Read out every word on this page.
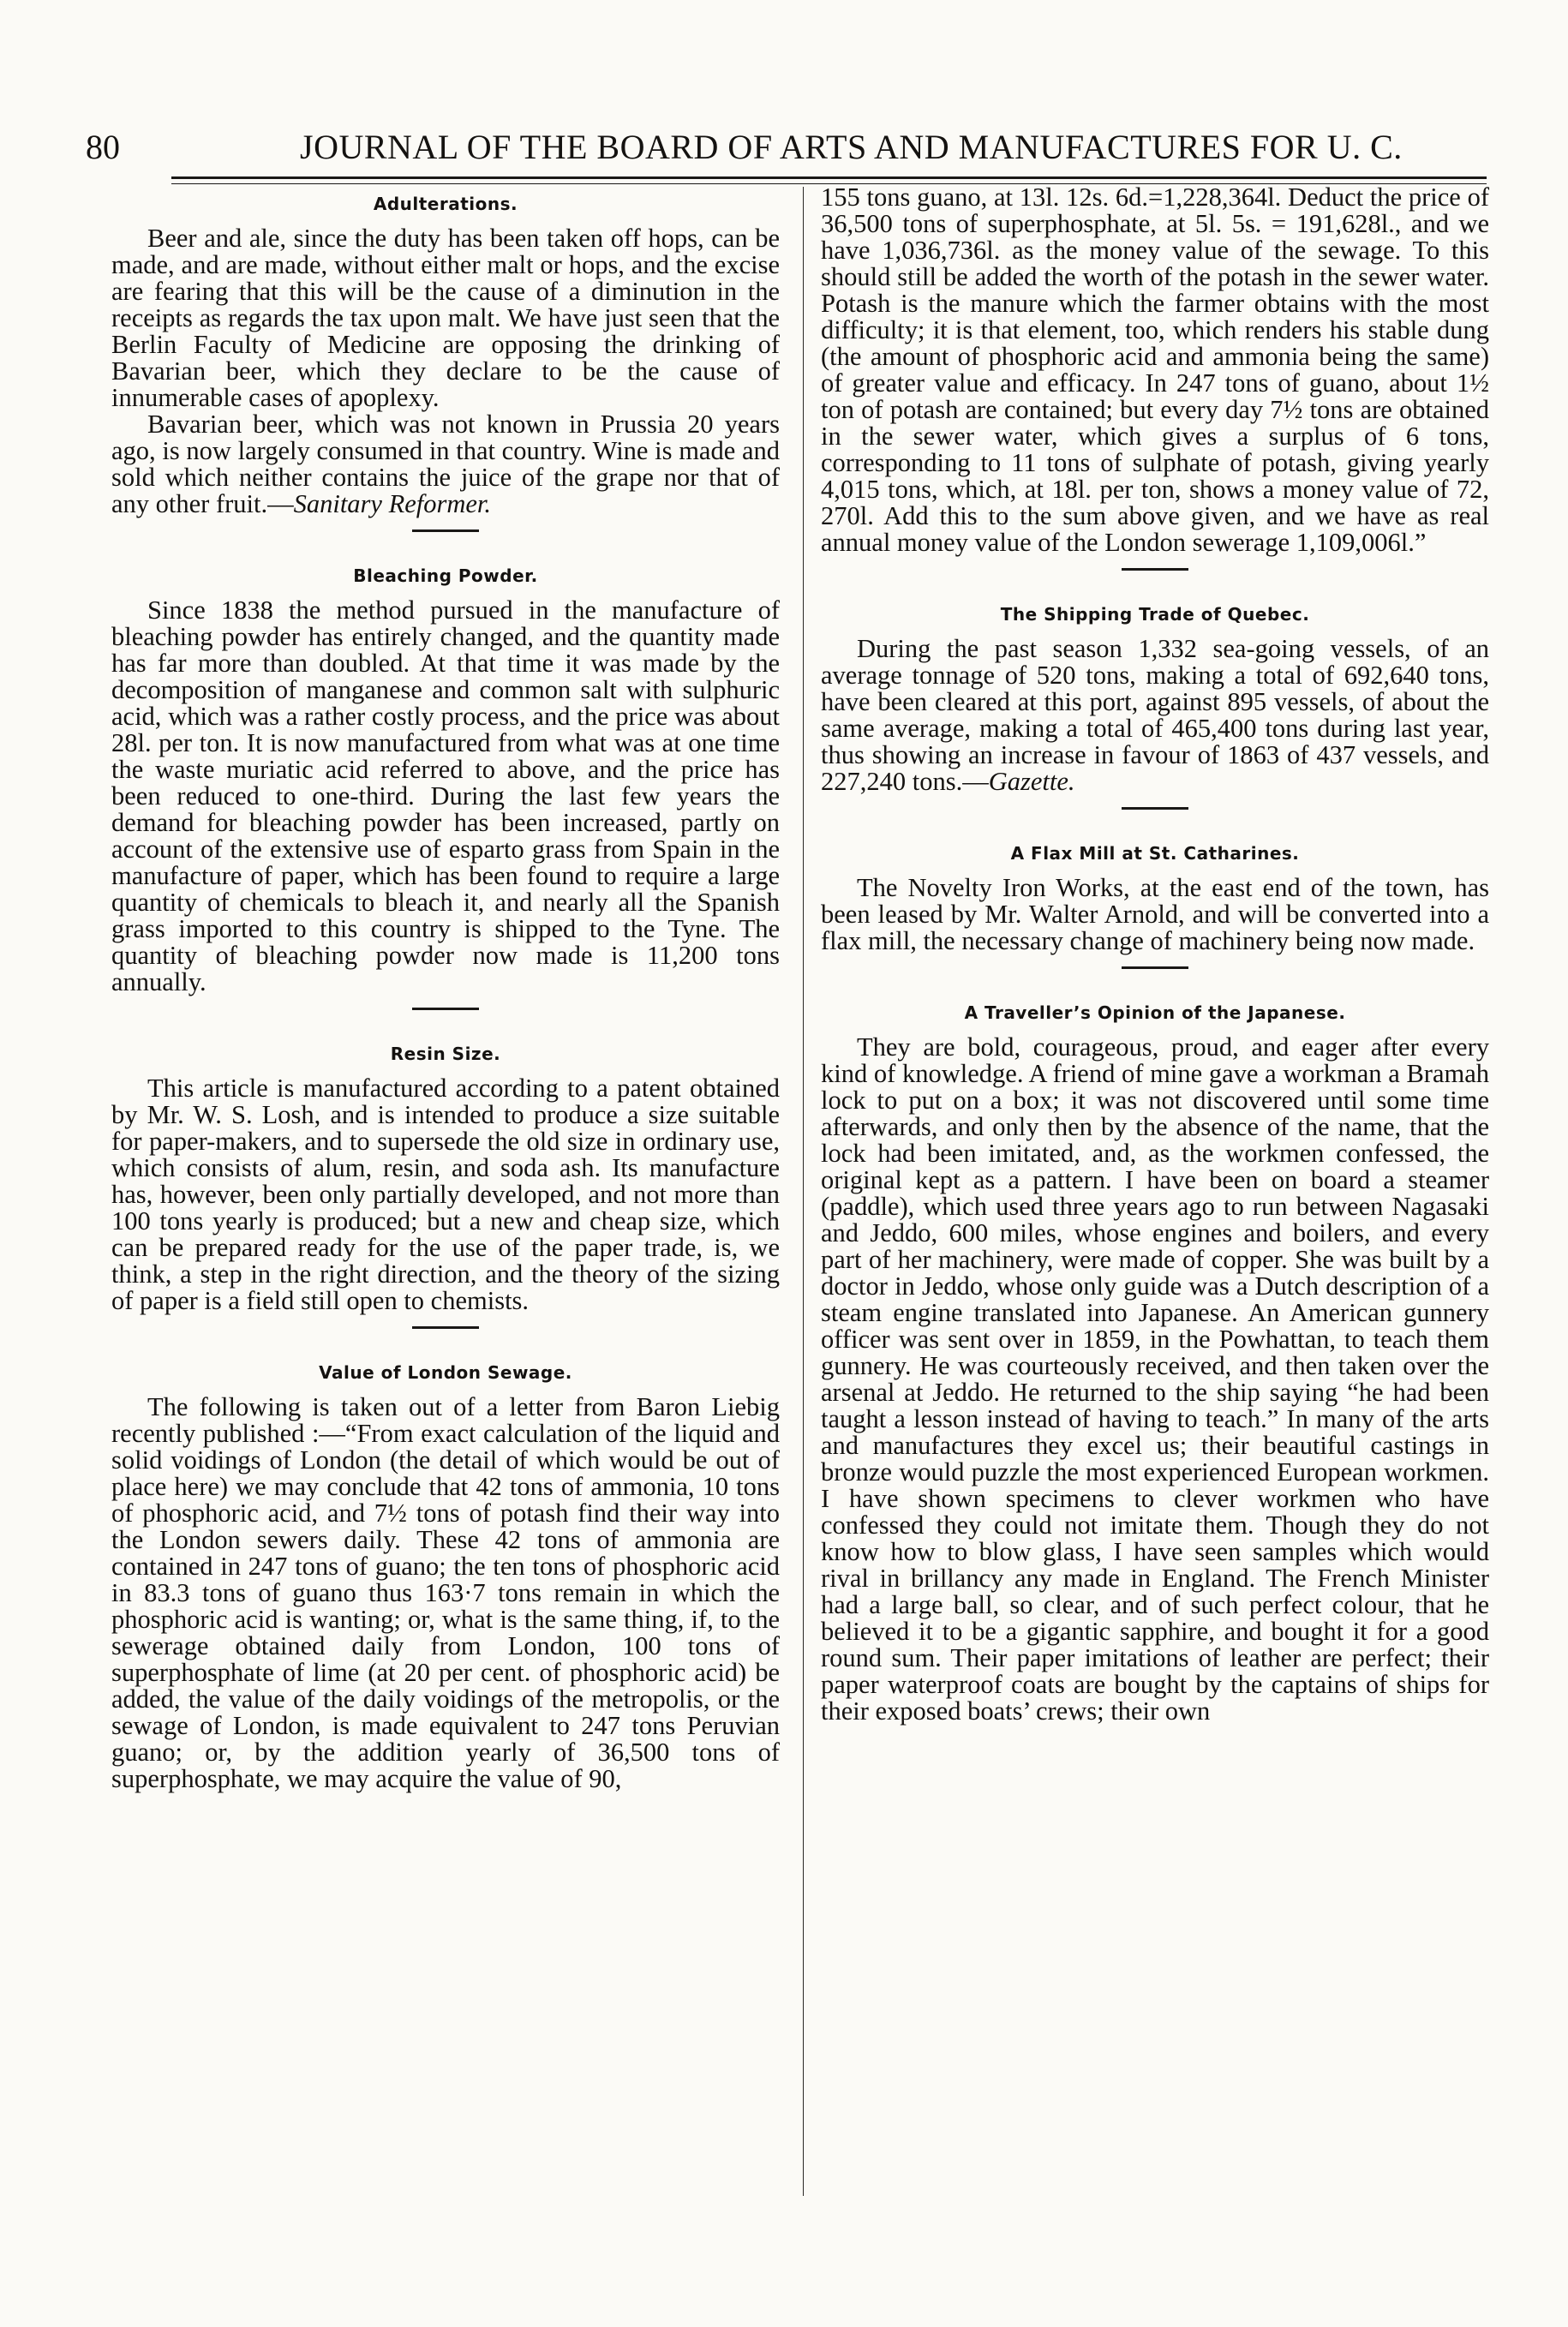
80	JOURNAL OF THE BOARD OF ARTS AND MANUFACTURES FOR U. C.
Adulterations.

Beer and ale, since the duty has been taken off hops, can be made, and are made, without either malt or hops, and the excise are fearing that this will be the cause of a diminution in the receipts as regards the tax upon malt. We have just seen that the Berlin Faculty of Medicine are opposing the drinking of Bavarian beer, which they declare to be the cause of innumerable cases of apoplexy.

Bavarian beer, which was not known in Prussia 20 years ago, is now largely consumed in that country. Wine is made and sold which neither contains the juice of the grape nor that of any other fruit.—Sanitary Reformer.

Bleaching Powder.

Since 1838 the method pursued in the manufacture of bleaching powder has entirely changed, and the quantity made has far more than doubled. At that time it was made by the decomposition of manganese and common salt with sulphuric acid, which was a rather costly process, and the price was about 28l. per ton. It is now manufactured from what was at one time the waste muriatic acid referred to above, and the price has been reduced to one-third. During the last few years the demand for bleaching powder has been increased, partly on account of the extensive use of esparto grass from Spain in the manufacture of paper, which has been found to require a large quantity of chemicals to bleach it, and nearly all the Spanish grass imported to this country is shipped to the Tyne. The quantity of bleaching powder now made is 11,200 tons annually.

Resin Size.

This article is manufactured according to a patent obtained by Mr. W. S. Losh, and is intended to produce a size suitable for paper-makers, and to supersede the old size in ordinary use, which consists of alum, resin, and soda ash. Its manufacture has, however, been only partially developed, and not more than 100 tons yearly is produced; but a new and cheap size, which can be prepared ready for the use of the paper trade, is, we think, a step in the right direction, and the theory of the sizing of paper is a field still open to chemists.

Value of London Sewage.

The following is taken out of a letter from Baron Liebig recently published :—“From exact calculation of the liquid and solid voidings of London (the detail of which would be out of place here) we may conclude that 42 tons of ammonia, 10 tons of phosphoric acid, and 7½ tons of potash find their way into the London sewers daily. These 42 tons of ammonia are contained in 247 tons of guano; the ten tons of phosphoric acid in 83.3 tons of guano thus 163·7 tons remain in which the phosphoric acid is wanting; or, what is the same thing, if, to the sewerage obtained daily from London, 100 tons of superphosphate of lime (at 20 per cent. of phosphoric acid) be added, the value of the daily voidings of the metropolis, or the sewage of London, is made equivalent to 247 tons Peruvian guano; or, by the addition yearly of 36,500 tons of superphosphate, we may acquire the value of 90,

155 tons guano, at 13l. 12s. 6d.=1,228,364l. Deduct the price of 36,500 tons of superphosphate, at 5l. 5s. = 191,628l., and we have 1,036,736l. as the money value of the sewage. To this should still be added the worth of the potash in the sewer water. Potash is the manure which the farmer obtains with the most difficulty; it is that element, too, which renders his stable dung (the amount of phosphoric acid and ammonia being the same) of greater value and efficacy. In 247 tons of guano, about 1½ ton of potash are contained; but every day 7½ tons are obtained in the sewer water, which gives a surplus of 6 tons, corresponding to 11 tons of sulphate of potash, giving yearly 4,015 tons, which, at 18l. per ton, shows a money value of 72, 270l. Add this to the sum above given, and we have as real annual money value of the London sewerage 1,109,006l.”

The Shipping Trade of Quebec.

During the past season 1,332 sea-going vessels, of an average tonnage of 520 tons, making a total of 692,640 tons, have been cleared at this port, against 895 vessels, of about the same average, making a total of 465,400 tons during last year, thus showing an increase in favour of 1863 of 437 vessels, and 227,240 tons.—Gazette.

A Flax Mill at St. Catharines.

The Novelty Iron Works, at the east end of the town, has been leased by Mr. Walter Arnold, and will be converted into a flax mill, the necessary change of machinery being now made.

A Traveller’s Opinion of the Japanese.

They are bold, courageous, proud, and eager after every kind of knowledge. A friend of mine gave a workman a Bramah lock to put on a box; it was not discovered until some time afterwards, and only then by the absence of the name, that the lock had been imitated, and, as the workmen confessed, the original kept as a pattern. I have been on board a steamer (paddle), which used three years ago to run between Nagasaki and Jeddo, 600 miles, whose engines and boilers, and every part of her machinery, were made of copper. She was built by a doctor in Jeddo, whose only guide was a Dutch description of a steam engine translated into Japanese. An American gunnery officer was sent over in 1859, in the Powhattan, to teach them gunnery. He was courteously received, and then taken over the arsenal at Jeddo. He returned to the ship saying “he had been taught a lesson instead of having to teach.” In many of the arts and manufactures they excel us; their beautiful castings in bronze would puzzle the most experienced European workmen. I have shown specimens to clever workmen who have confessed they could not imitate them. Though they do not know how to blow glass, I have seen samples which would rival in brillancy any made in England. The French Minister had a large ball, so clear, and of such perfect colour, that he believed it to be a gigantic sapphire, and bought it for a good round sum. Their paper imitations of leather are perfect; their paper waterproof coats are bought by the captains of ships for their exposed boats’ crews; their own
